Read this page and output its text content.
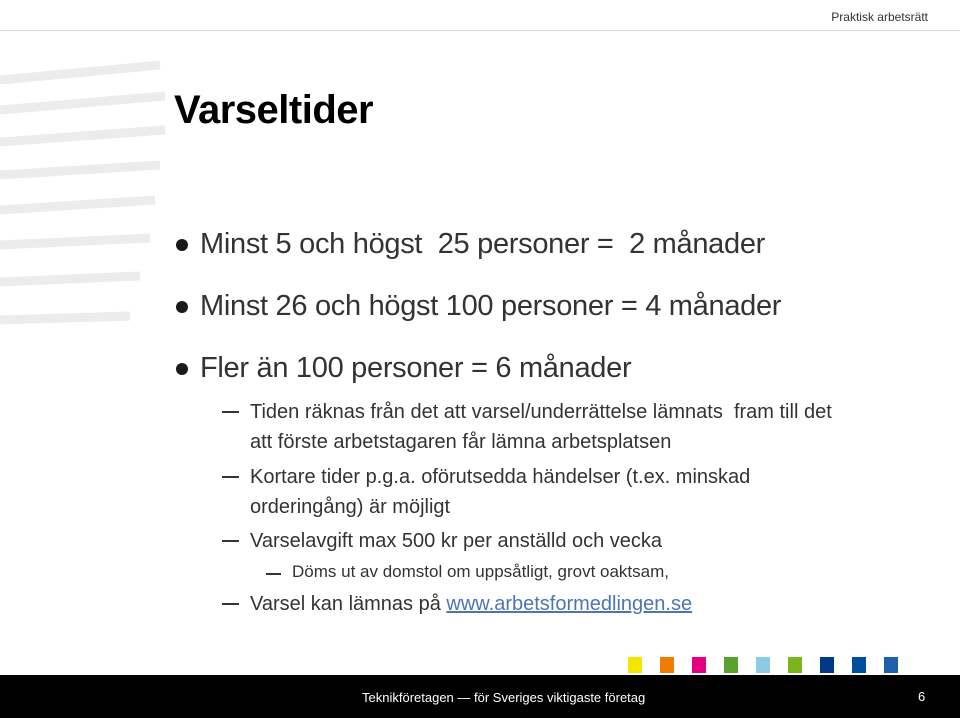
Praktisk arbetsrätt
Varseltider
Minst 5 och högst  25 personer =  2 månader
Minst 26 och högst 100 personer = 4 månader
Fler än 100 personer = 6 månader
Tiden räknas från det att varsel/underrättelse lämnats  fram till det
att förste arbetstagaren får lämna arbetsplatsen
Kortare tider p.g.a. oförutsedda händelser (t.ex. minskad
orderingång) är möjligt
Varselavgift max 500 kr per anställd och vecka
Döms ut av domstol om uppsåtligt, grovt oaktsam,
Varsel kan lämnas på www.arbetsformedlingen.se
Teknikföretagen — för Sveriges viktigaste företag	6
